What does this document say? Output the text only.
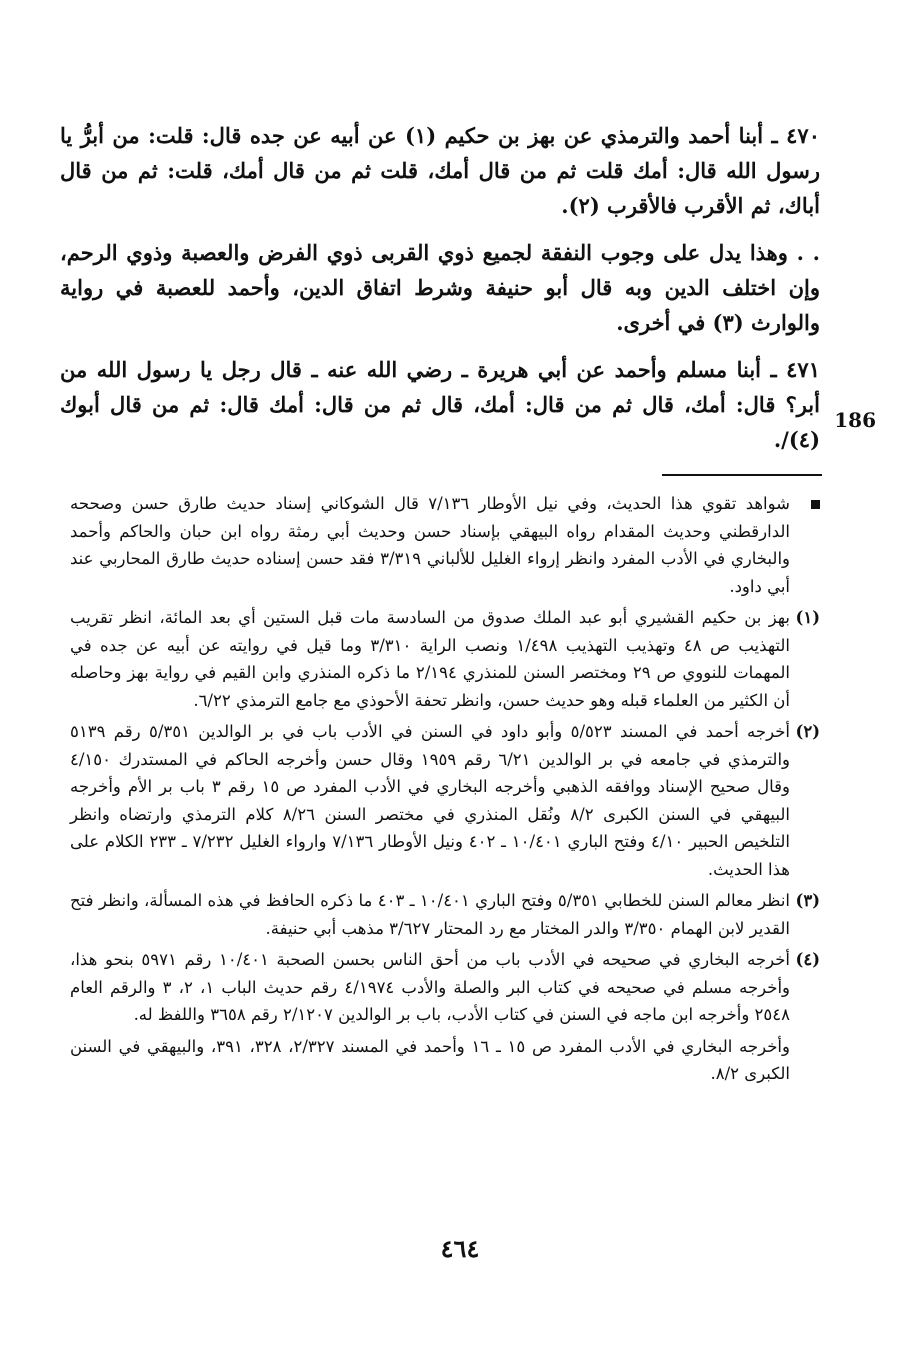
٤٧٠ ـ أبنا أحمد والترمذي عن بهز بن حكيم (١) عن أبيه عن جده قال: قلت: من أبرُّ يا رسول الله قال: أمك قلت ثم من قال أمك، قلت ثم من قال أمك، قلت: ثم من قال أباك، ثم الأقرب فالأقرب (٢).

. . وهذا يدل على وجوب النفقة لجميع ذوي القربى ذوي الفرض والعصبة وذوي الرحم، وإن اختلف الدين وبه قال أبو حنيفة وشرط اتفاق الدين، وأحمد للعصبة في رواية والوارث (٣) في أخرى.

٤٧١ ـ أبنا مسلم وأحمد عن أبي هريرة ـ رضي الله عنه ـ قال رجل يا رسول الله من أبر؟ قال: أمك، قال ثم من قال: أمك، قال ثم من قال: أمك قال: ثم من قال أبوك (٤)/.

186
شواهد تقوي هذا الحديث، وفي نيل الأوطار ٧/١٣٦ قال الشوكاني إسناد حديث طارق حسن وصححه الدارقطني وحديث المقدام رواه البيهقي بإسناد حسن وحديث أبي رمثة رواه ابن حبان والحاكم وأحمد والبخاري في الأدب المفرد وانظر إرواء الغليل للألباني ٣/٣١٩ فقد حسن إسناده حديث طارق المحاربي عند أبي داود.
(١)
بهز بن حكيم القشيري أبو عبد الملك صدوق من السادسة مات قبل الستين أي بعد المائة، انظر تقريب التهذيب ص ٤٨ وتهذيب التهذيب ١/٤٩٨ ونصب الراية ٣/٣١٠ وما قيل في روايته عن أبيه عن جده في المهمات للنووي ص ٢٩ ومختصر السنن للمنذري ٢/١٩٤ ما ذكره المنذري وابن القيم في رواية بهز وحاصله أن الكثير من العلماء قبله وهو حديث حسن، وانظر تحفة الأحوذي مع جامع الترمذي ٦/٢٢.
(٢)
أخرجه أحمد في المسند ٥/٥٢٣ وأبو داود في السنن في الأدب باب في بر الوالدين ٥/٣٥١ رقم ٥١٣٩ والترمذي في جامعه في بر الوالدين ٦/٢١ رقم ١٩٥٩ وقال حسن وأخرجه الحاكم في المستدرك ٤/١٥٠ وقال صحيح الإسناد ووافقه الذهبي وأخرجه البخاري في الأدب المفرد ص ١٥ رقم ٣ باب بر الأم وأخرجه البيهقي في السنن الكبرى ٨/٢ ونُقل المنذري في مختصر السنن ٨/٢٦ كلام الترمذي وارتضاه وانظر التلخيص الحبير ٤/١٠ وفتح الباري ١٠/٤٠١ ـ ٤٠٢ ونيل الأوطار ٧/١٣٦ وارواء الغليل ٧/٢٣٢ ـ ٢٣٣ الكلام على هذا الحديث.
(٣)
انظر معالم السنن للخطابي ٥/٣٥١ وفتح الباري ١٠/٤٠١ ـ ٤٠٣ ما ذكره الحافظ في هذه المسألة، وانظر فتح القدير لابن الهمام ٣/٣٥٠ والدر المختار مع رد المحتار ٣/٦٢٧ مذهب أبي حنيفة.
(٤)
أخرجه البخاري في صحيحه في الأدب باب من أحق الناس بحسن الصحبة ١٠/٤٠١ رقم ٥٩٧١ بنحو هذا، وأخرجه مسلم في صحيحه في كتاب البر والصلة والأدب ٤/١٩٧٤ رقم حديث الباب ١، ٢، ٣ والرقم العام ٢٥٤٨ وأخرجه ابن ماجه في السنن في كتاب الأدب، باب بر الوالدين ٢/١٢٠٧ رقم ٣٦٥٨ واللفظ له.
وأخرجه البخاري في الأدب المفرد ص ١٥ ـ ١٦ وأحمد في المسند ٢/٣٢٧، ٣٢٨، ٣٩١، والبيهقي في السنن الكبرى ٨/٢.
٤٦٤
